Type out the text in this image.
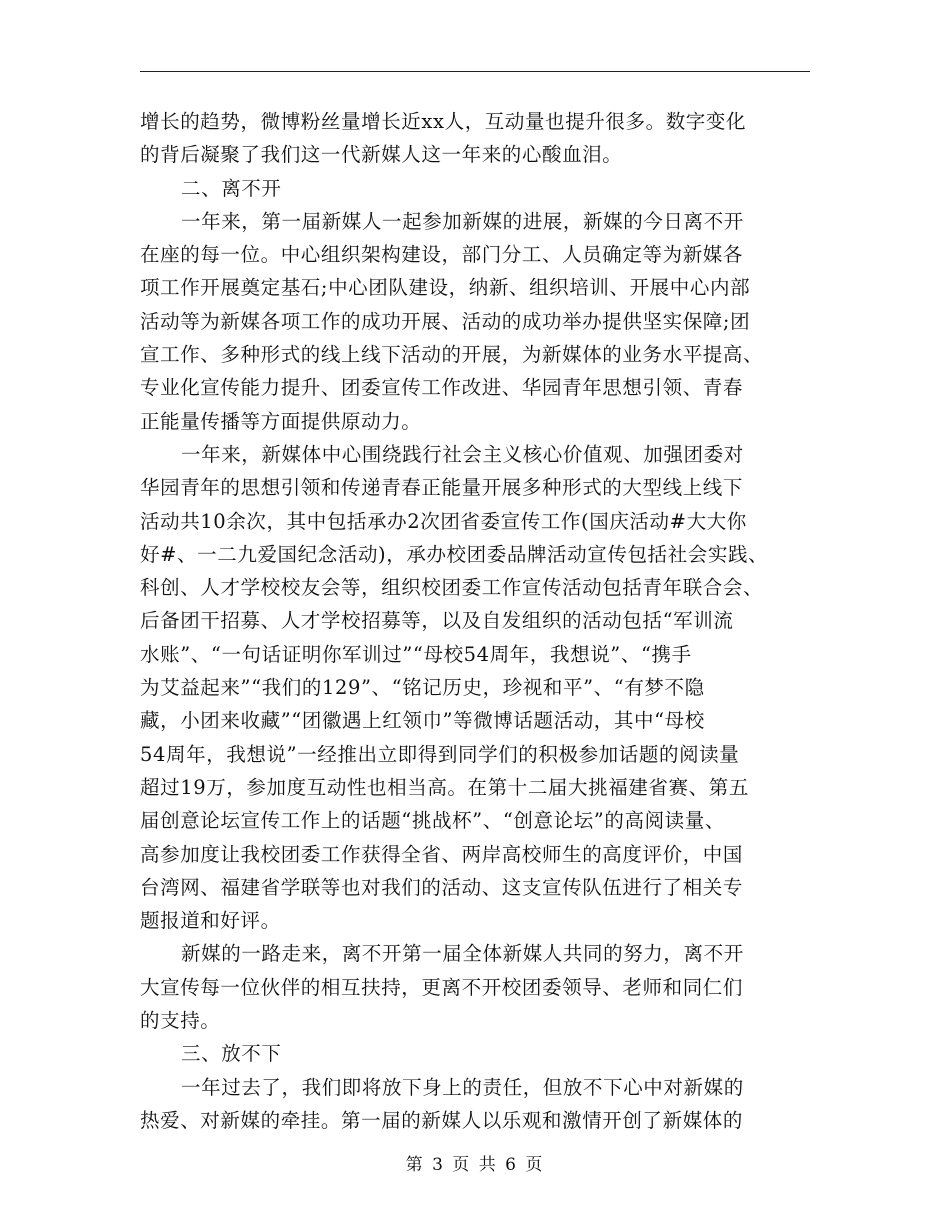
增长的趋势，微博粉丝量增长近xx人，互动量也提升很多。数字变化
的背后凝聚了我们这一代新媒人这一年来的心酸血泪。
二、离不开
一年来，第一届新媒人一起参加新媒的进展，新媒的今日离不开
在座的每一位。中心组织架构建设，部门分工、人员确定等为新媒各
项工作开展奠定基石;中心团队建设，纳新、组织培训、开展中心内部
活动等为新媒各项工作的成功开展、活动的成功举办提供坚实保障;团
宣工作、多种形式的线上线下活动的开展，为新媒体的业务水平提高、
专业化宣传能力提升、团委宣传工作改进、华园青年思想引领、青春
正能量传播等方面提供原动力。
一年来，新媒体中心围绕践行社会主义核心价值观、加强团委对
华园青年的思想引领和传递青春正能量开展多种形式的大型线上线下
活动共10余次，其中包括承办2次团省委宣传工作(国庆活动#大大你
好#、一二九爱国纪念活动)，承办校团委品牌活动宣传包括社会实践、
科创、人才学校校友会等，组织校团委工作宣传活动包括青年联合会、
后备团干招募、人才学校招募等，以及自发组织的活动包括“军训流
水账”、“一句话证明你军训过”“母校54周年，我想说”、“携手
为艾益起来”“我们的129”、“铭记历史，珍视和平”、“有梦不隐
藏，小团来收藏”“团徽遇上红领巾”等微博话题活动，其中“母校
54周年，我想说”一经推出立即得到同学们的积极参加话题的阅读量
超过19万，参加度互动性也相当高。在第十二届大挑福建省赛、第五
届创意论坛宣传工作上的话题“挑战杯”、“创意论坛”的高阅读量、
高参加度让我校团委工作获得全省、两岸高校师生的高度评价，中国
台湾网、福建省学联等也对我们的活动、这支宣传队伍进行了相关专
题报道和好评。
新媒的一路走来，离不开第一届全体新媒人共同的努力，离不开
大宣传每一位伙伴的相互扶持，更离不开校团委领导、老师和同仁们
的支持。
三、放不下
一年过去了，我们即将放下身上的责任，但放不下心中对新媒的
热爱、对新媒的牵挂。第一届的新媒人以乐观和激情开创了新媒体的
第 3 页 共 6 页
